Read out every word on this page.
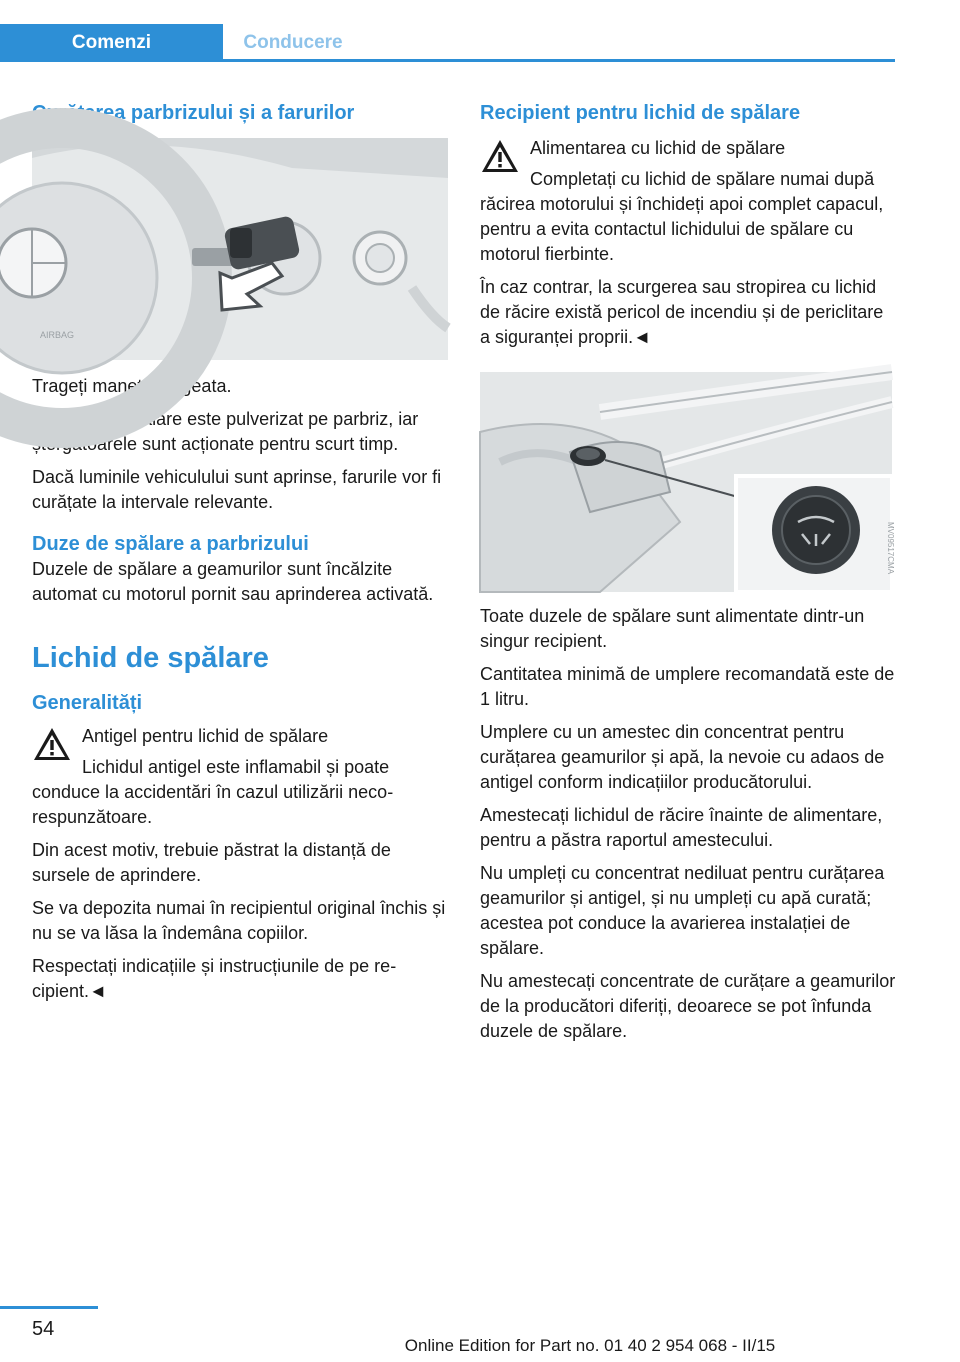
Comenzi	Conducere
Curățarea parbrizului și a farurilor
AIRBAG

Trageți maneta, săgeata.

Lichidul de spălare este pulverizat pe parbriz, iar ștergătoarele sunt acționate pentru scurt timp.

Dacă luminile vehiculului sunt aprinse, farurile vor fi curățate la intervale relevante.

Duze de spălare a parbrizului

Duzele de spălare a geamurilor sunt încălzite automat cu motorul pornit sau aprinderea activată.

Lichid de spălare
Generalități

Antigel pentru lichid de spălare

Lichidul antigel este inflamabil și poate conduce la accidentări în cazul utilizării necorespunzătoare.

Din acest motiv, trebuie păstrat la distanță de sursele de aprindere.

Se va depozita numai în recipientul original închis și nu se va lăsa la îndemâna copiilor.

Respectați indicațiile și instrucțiunile de pe recipient.◄

Recipient pentru lichid de spălare

Alimentarea cu lichid de spălare

Completați cu lichid de spălare numai după răcirea motorului și închideți apoi complet capacul, pentru a evita contactul lichidului de spălare cu motorul fierbinte.

În caz contrar, la scurgerea sau stropirea cu lichid de răcire există pericol de incendiu și de periclitare a siguranței proprii.◄

MV09517CMA

Toate duzele de spălare sunt alimentate dintr-un singur recipient.

Cantitatea minimă de umplere recomandată este de 1 litru.

Umplere cu un amestec din concentrat pentru curățarea geamurilor și apă, la nevoie cu adaos de antigel conform indicațiilor producătorului.

Amestecați lichidul de răcire înainte de alimentare, pentru a păstra raportul amestecului.

Nu umpleți cu concentrat nediluat pentru curățarea geamurilor și antigel, și nu umpleți cu apă curată; acestea pot conduce la avarierea instalației de spălare.

Nu amestecați concentrate de curățare a geamurilor de la producători diferiți, deoarece se pot înfunda duzele de spălare.

54
Online Edition for Part no. 01 40 2 954 068 - II/15
